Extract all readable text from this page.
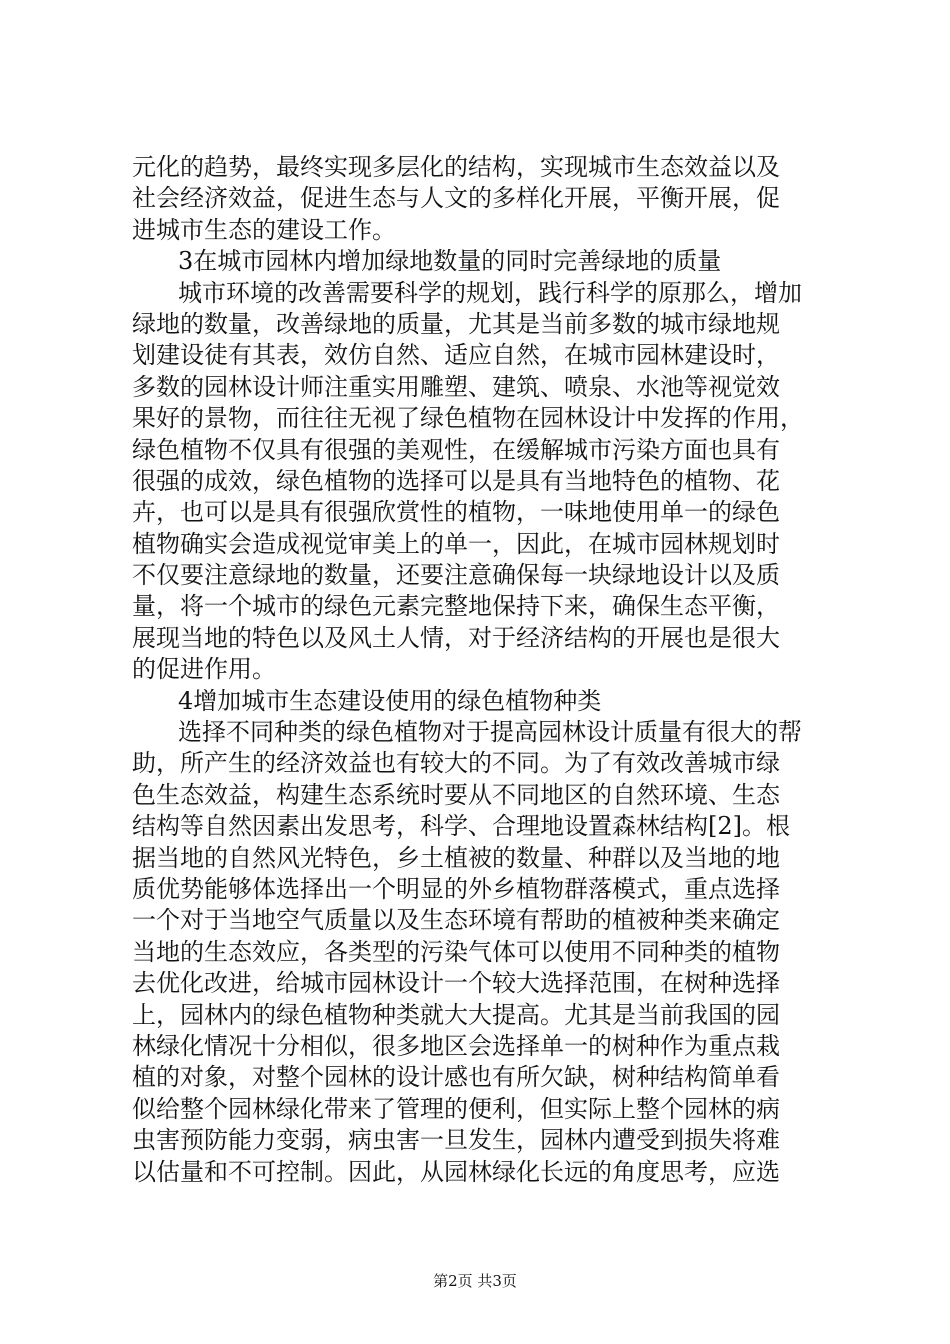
元化的趋势，最终实现多层化的结构，实现城市生态效益以及
社会经济效益，促进生态与人文的多样化开展，平衡开展，促
进城市生态的建设工作。
3在城市园林内增加绿地数量的同时完善绿地的质量
城市环境的改善需要科学的规划，践行科学的原那么，增加
绿地的数量，改善绿地的质量，尤其是当前多数的城市绿地规
划建设徒有其表，效仿自然、适应自然，在城市园林建设时，
多数的园林设计师注重实用雕塑、建筑、喷泉、水池等视觉效
果好的景物，而往往无视了绿色植物在园林设计中发挥的作用，
绿色植物不仅具有很强的美观性，在缓解城市污染方面也具有
很强的成效，绿色植物的选择可以是具有当地特色的植物、花
卉，也可以是具有很强欣赏性的植物，一味地使用单一的绿色
植物确实会造成视觉审美上的单一，因此，在城市园林规划时
不仅要注意绿地的数量，还要注意确保每一块绿地设计以及质
量，将一个城市的绿色元素完整地保持下来，确保生态平衡，
展现当地的特色以及风土人情，对于经济结构的开展也是很大
的促进作用。
4增加城市生态建设使用的绿色植物种类
选择不同种类的绿色植物对于提高园林设计质量有很大的帮
助，所产生的经济效益也有较大的不同。为了有效改善城市绿
色生态效益，构建生态系统时要从不同地区的自然环境、生态
结构等自然因素出发思考，科学、合理地设置森林结构[2]。根
据当地的自然风光特色，乡土植被的数量、种群以及当地的地
质优势能够体选择出一个明显的外乡植物群落模式，重点选择
一个对于当地空气质量以及生态环境有帮助的植被种类来确定
当地的生态效应，各类型的污染气体可以使用不同种类的植物
去优化改进，给城市园林设计一个较大选择范围，在树种选择
上，园林内的绿色植物种类就大大提高。尤其是当前我国的园
林绿化情况十分相似，很多地区会选择单一的树种作为重点栽
植的对象，对整个园林的设计感也有所欠缺，树种结构简单看
似给整个园林绿化带来了管理的便利，但实际上整个园林的病
虫害预防能力变弱，病虫害一旦发生，园林内遭受到损失将难
以估量和不可控制。因此，从园林绿化长远的角度思考，应选
第2页 共3页
